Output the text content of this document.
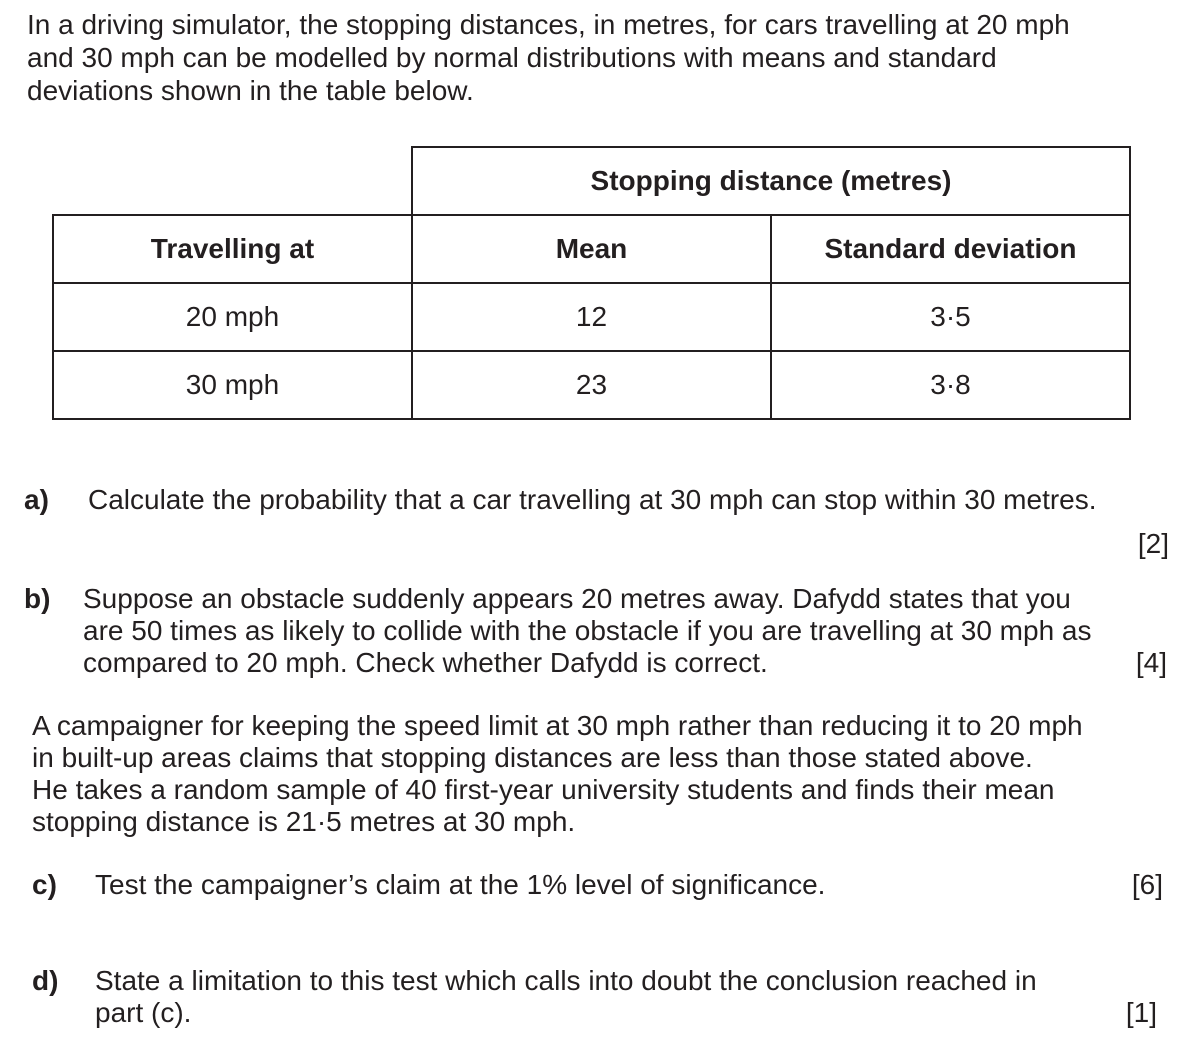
In a driving simulator, the stopping distances, in metres, for cars travelling at 20 mph
and 30 mph can be modelled by normal distributions with means and standard
deviations shown in the table below.
	Stopping distance (metres)	
Travelling at	Mean	Standard deviation
20 mph	12	3·5
30 mph	23	3·8
a) Calculate the probability that a car travelling at 30 mph can stop within 30 metres.
[2]
b) Suppose an obstacle suddenly appears 20 metres away. Dafydd states that you
are 50 times as likely to collide with the obstacle if you are travelling at 30 mph as
compared to 20 mph. Check whether Dafydd is correct.	[4]
A campaigner for keeping the speed limit at 30 mph rather than reducing it to 20 mph
in built-up areas claims that stopping distances are less than those stated above.
He takes a random sample of 40 first-year university students and finds their mean
stopping distance is 21·5 metres at 30 mph.
c) Test the campaigner’s claim at the 1% level of significance.	[6]
d) State a limitation to this test which calls into doubt the conclusion reached in
part (c).	[1]
